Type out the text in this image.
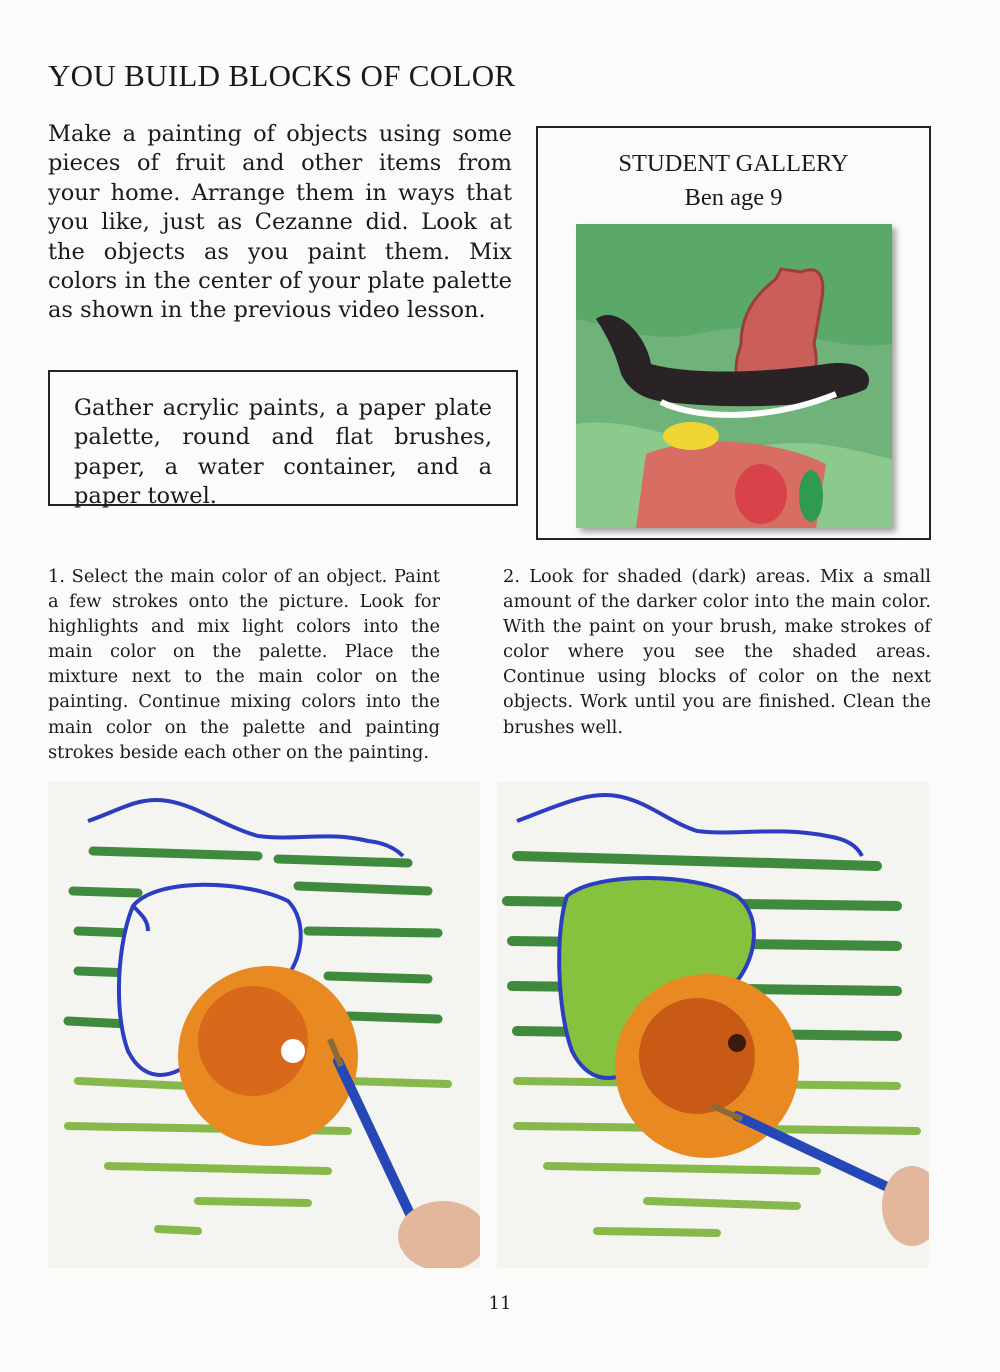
YOU BUILD BLOCKS OF COLOR

Make a painting of objects using some pieces of fruit and other items from your home. Arrange them in ways that you like, just as Cezanne did. Look at the objects as you paint them. Mix colors in the center of your plate palette as shown in the previous video lesson.

Gather acrylic paints, a paper plate palette, round and flat brushes, paper, a water container, and a paper towel.

STUDENT GALLERY
Ben age 9

1. Select the main color of an object. Paint a few strokes onto the picture. Look for highlights and mix light colors into the main color on the palette. Place the mixture next to the main color on the painting. Continue mixing colors into the main color on the palette and painting strokes beside each other on the painting.

2. Look for shaded (dark) areas. Mix a small amount of the darker color into the main color. With the paint on your brush, make strokes of color where you see the shaded areas. Continue using blocks of color on the next objects. Work until you are finished. Clean the brushes well.

11
